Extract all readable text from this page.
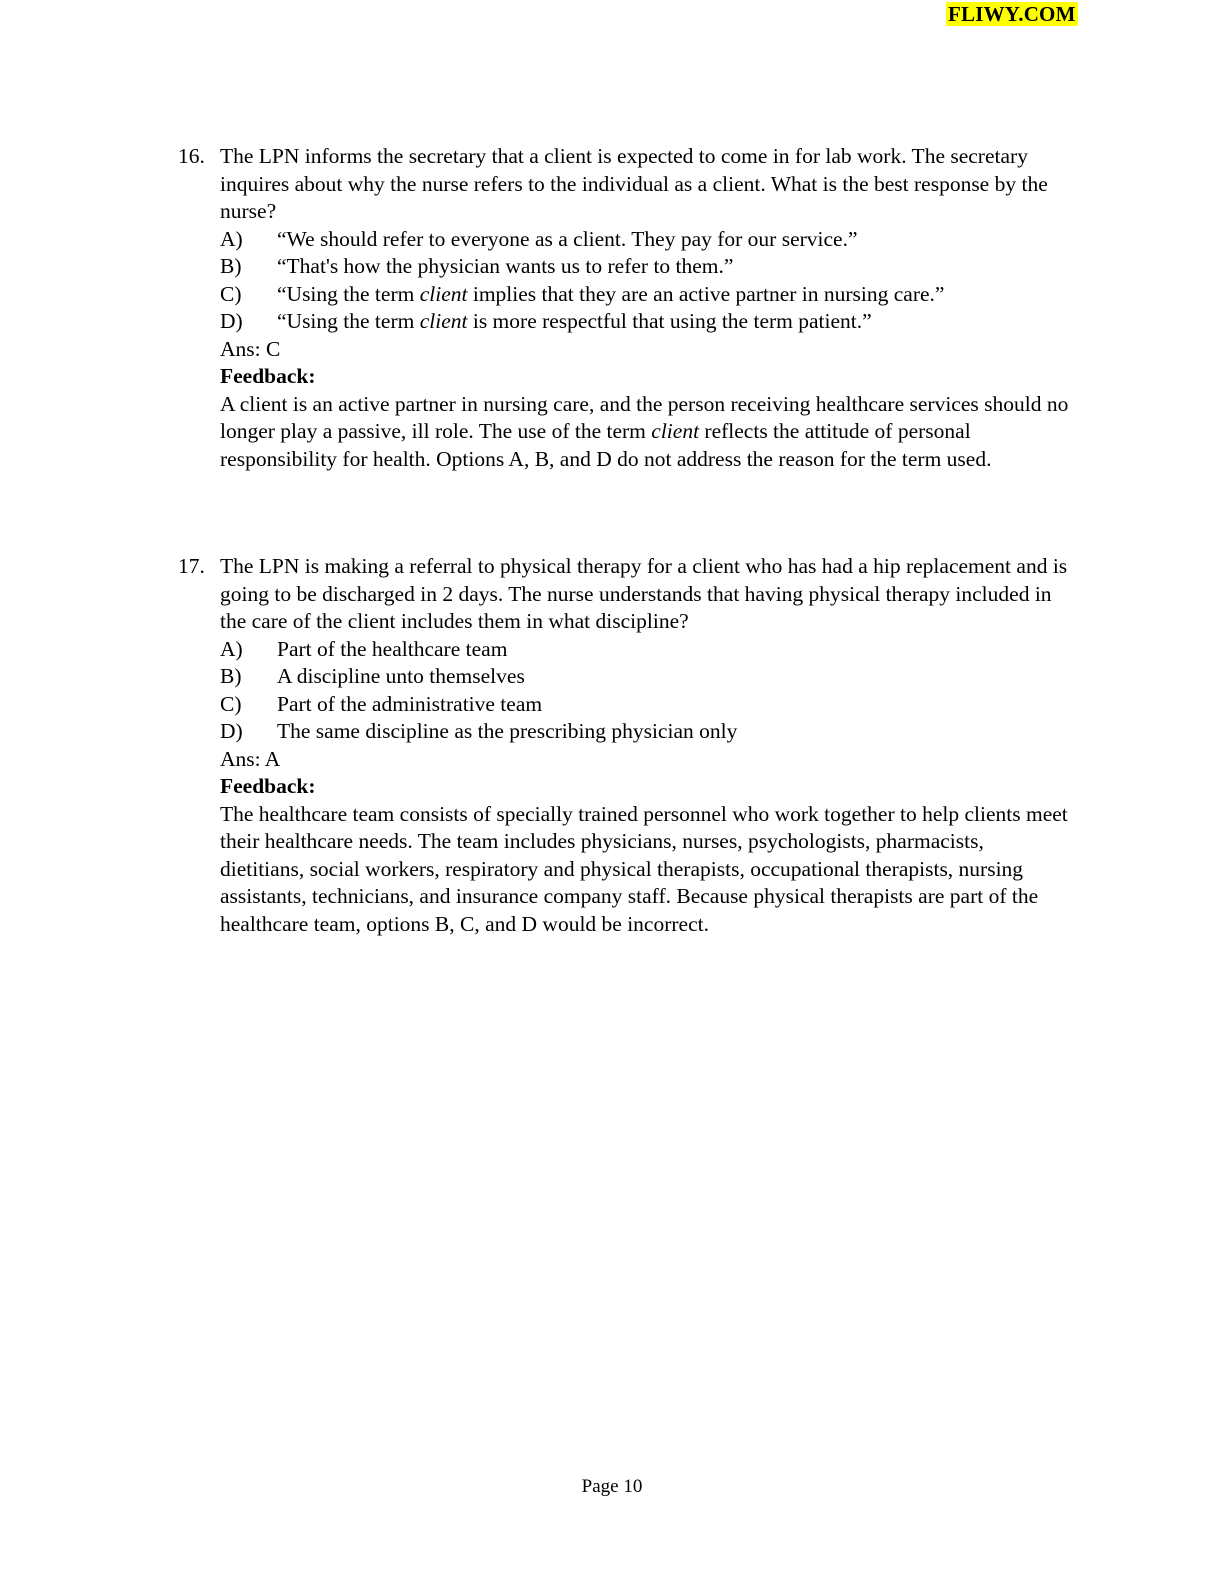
FLIWY.COM
16. The LPN informs the secretary that a client is expected to come in for lab work. The secretary inquires about why the nurse refers to the individual as a client. What is the best response by the nurse?
A)	“We should refer to everyone as a client. They pay for our service.”
B)	“That's how the physician wants us to refer to them.”
C)	“Using the term client implies that they are an active partner in nursing care.”
D)	“Using the term client is more respectful that using the term patient.”
Ans: C
Feedback:
A client is an active partner in nursing care, and the person receiving healthcare services should no longer play a passive, ill role. The use of the term client reflects the attitude of personal responsibility for health. Options A, B, and D do not address the reason for the term used.
17. The LPN is making a referral to physical therapy for a client who has had a hip replacement and is going to be discharged in 2 days. The nurse understands that having physical therapy included in the care of the client includes them in what discipline?
A)	Part of the healthcare team
B)	A discipline unto themselves
C)	Part of the administrative team
D)	The same discipline as the prescribing physician only
Ans: A
Feedback:
The healthcare team consists of specially trained personnel who work together to help clients meet their healthcare needs. The team includes physicians, nurses, psychologists, pharmacists, dietitians, social workers, respiratory and physical therapists, occupational therapists, nursing assistants, technicians, and insurance company staff. Because physical therapists are part of the healthcare team, options B, C, and D would be incorrect.
Page 10
